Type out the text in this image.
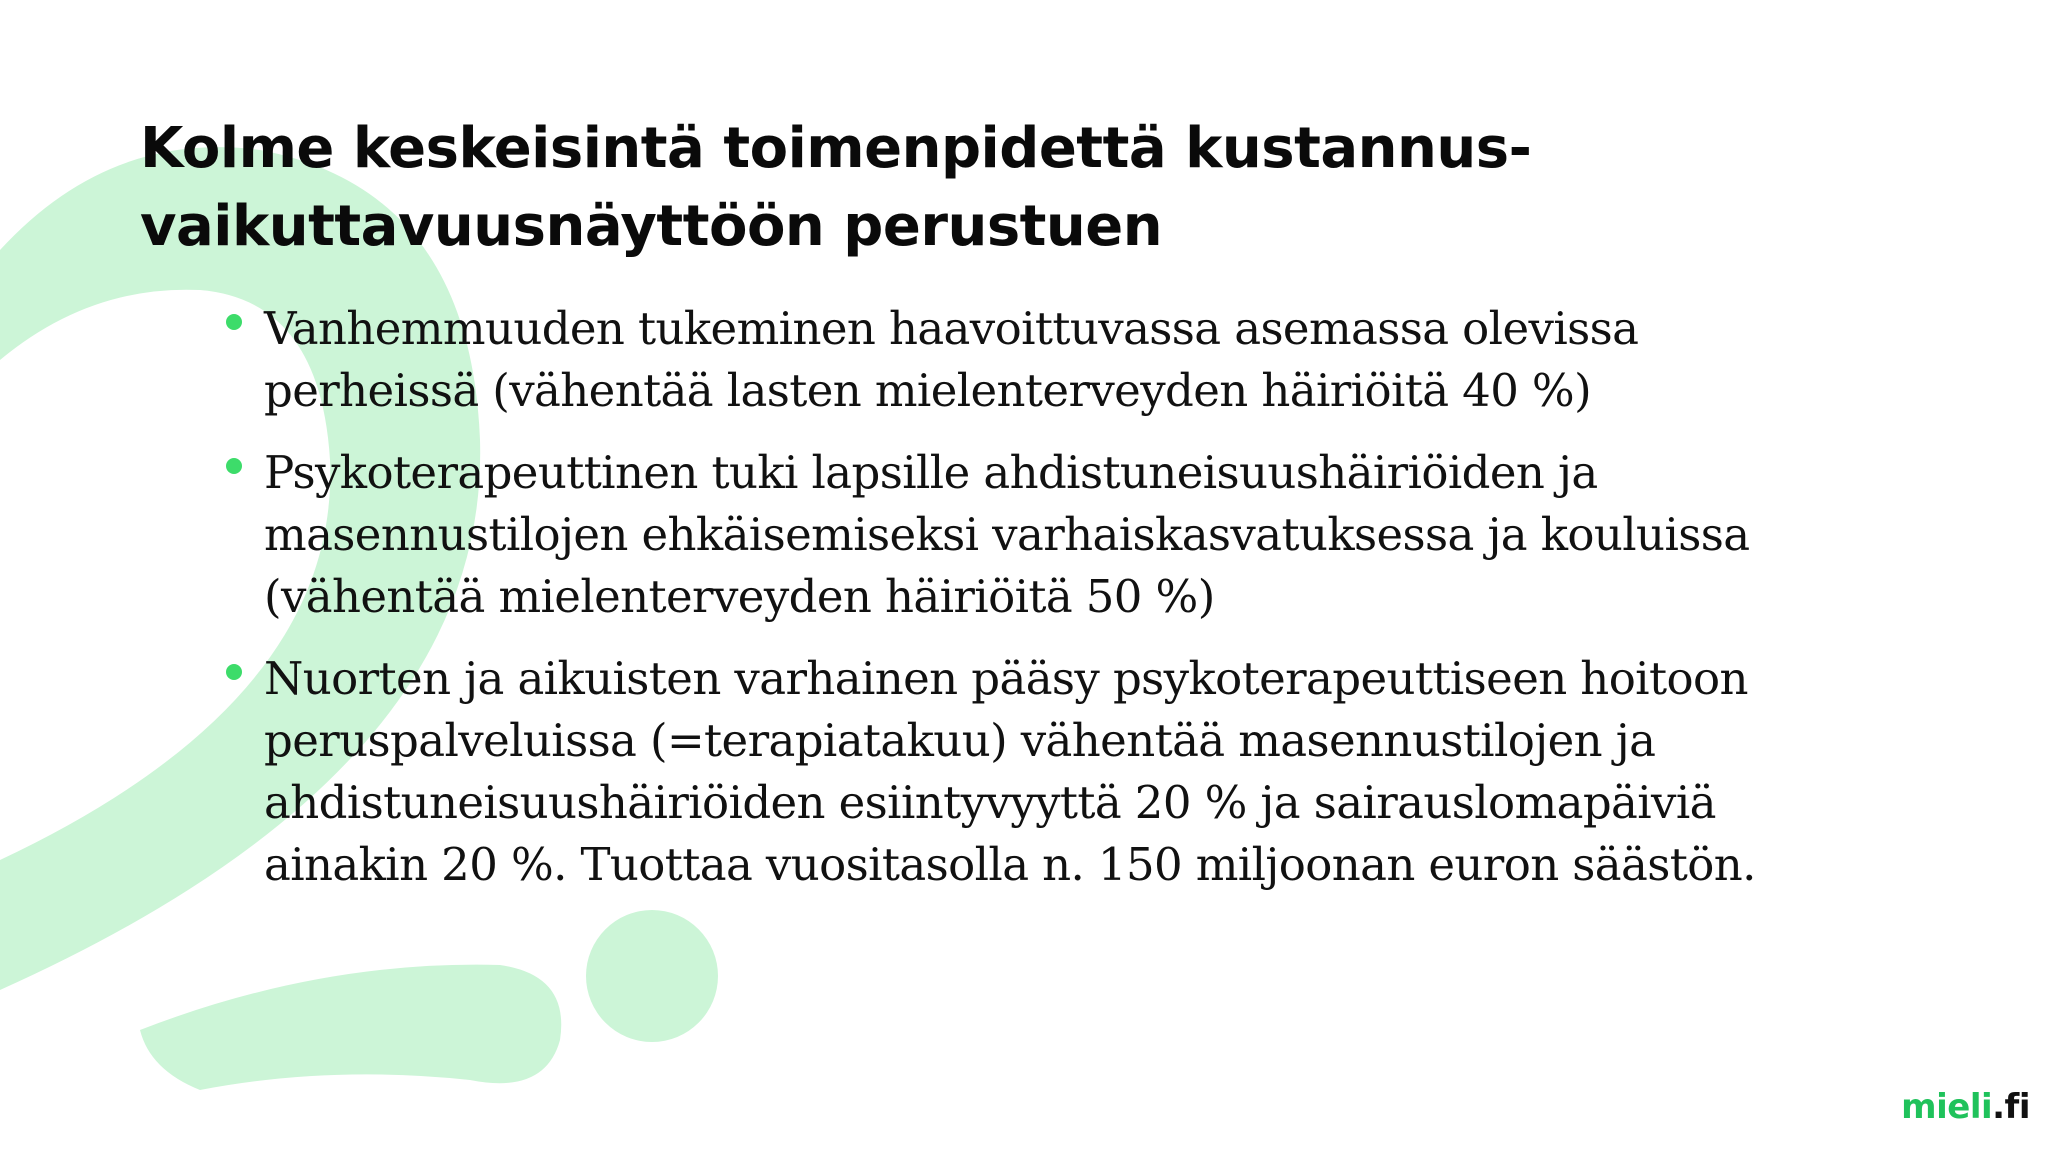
Kolme keskeisintä toimenpidettä kustannus-
vaikuttavuusnäyttöön perustuen
Vanhemmuuden tukeminen haavoittuvassa asemassa olevissa perheissä (vähentää lasten mielenterveyden häiriöitä 40 %)
Psykoterapeuttinen tuki lapsille ahdistuneisuushäiriöiden ja masennustilojen ehkäisemiseksi varhaiskasvatuksessa ja kouluissa (vähentää mielenterveyden häiriöitä 50 %)
Nuorten ja aikuisten varhainen pääsy psykoterapeuttiseen hoitoon peruspalveluissa (=terapiatakuu) vähentää masennustilojen ja ahdistuneisuushäiriöiden esiintyvyyttä 20 % ja sairauslomapäiviä ainakin 20 %. Tuottaa vuositasolla n. 150 miljoonan euron säästön.
mieli.fi
